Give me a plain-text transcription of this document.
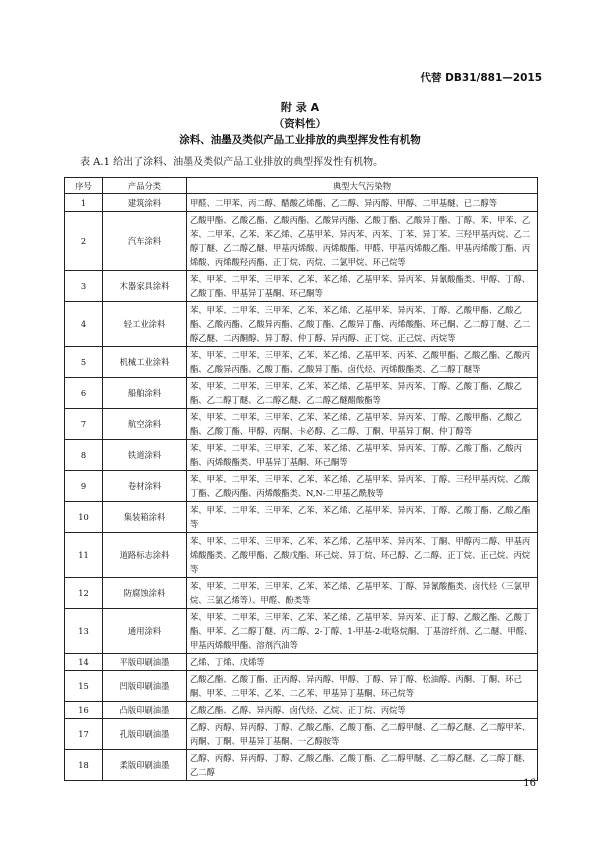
代替 DB31/881—2015
附 录 A
（资料性）
涂料、油墨及类似产品工业排放的典型挥发性有机物
表 A.1 给出了涂料、油墨及类似产品工业排放的典型挥发性有机物。
序号	产品分类	典型大气污染物
1	建筑涂料	甲醛、二甲苯、丙二醇、醋酸乙烯酯、乙二醇、异丙醇、甲醇、二甲基醚、已二醇等
2	汽车涂料	乙酸甲酯、乙酸乙酯、乙酸丙酯、乙酸异丙酯、乙酸丁酯、乙酸异丁酯、丁醇、苯、甲苯、乙苯、二甲苯、乙苯、苯乙烯、乙基甲苯、异丙苯、丙苯、丁苯、异丁苯、三羟甲基丙烷、乙二醇丁醚、乙二醇乙醚、甲基丙烯酸、丙烯酸酯、甲醛、甲基丙烯酸乙酯、甲基丙烯酸丁酯、丙烯酸、丙烯酸羟丙酯、正丁烷、丙烷、二氯甲烷、环己烷等
3	木器家具涂料	苯、甲苯、二甲苯、三甲苯、乙苯、苯乙烯、乙基甲苯、异丙苯、异氰酸酯类、甲醇、丁醇、乙酸丁酯、甲基异丁基酮、环己酮等
4	轻工业涂料	苯、甲苯、二甲苯、三甲苯、乙苯、苯乙烯、乙基甲苯、异丙苯、丁醇、乙酸甲酯、乙酸乙酯、乙酸丙酯、乙酸异丙酯、乙酸丁酯、乙酸异丁酯、丙烯酸酯、环己酮、乙二醇丁醚、乙二醇乙醚、二丙酮醇、异丁醇、仲丁醇、异丙醇、正丁烷、正己烷、丙烷等
5	机械工业涂料	苯、甲苯、二甲苯、三甲苯、乙苯、苯乙烯、乙基甲苯、丙苯、乙酸甲酯、乙酸乙酯、乙酸丙酯、乙酸异丙酯、乙酸丁酯、乙酸异丁酯、卤代烃、丙烯酸酯类、乙二醇丁醚等
6	船舶涂料	苯、甲苯、二甲苯、三甲苯、乙苯、苯乙烯、乙基甲苯、异丙苯、丁醇、乙酸丁酯、乙酸乙酯、乙二醇丁醚、乙二醇乙醚、乙二醇乙醚醋酸酯等
7	航空涂料	苯、甲苯、二甲苯、三甲苯、乙苯、苯乙烯、乙基甲苯、异丙苯、丁醇、乙酸甲酯、乙酸乙酯、乙酸丁酯、甲醇、丙酮、卡必醇、乙二醇、丁酮、甲基异丁酮、仲丁醇等
8	铁道涂料	苯、甲苯、二甲苯、三甲苯、乙苯、苯乙烯、乙基甲苯、异丙苯、丁醇、乙酸丁酯、乙酸丙酯、丙烯酸酯类、甲基异丁基酮、环己酮等
9	卷材涂料	苯、甲苯、二甲苯、三甲苯、乙苯、苯乙烯、乙基甲苯、异丙苯、丁醇、三羟甲基丙烷、乙酸丁酯、乙酸丙酯、丙烯酸酯类、N,N-二甲基乙酰胺等
10	集装箱涂料	苯、甲苯、二甲苯、三甲苯、乙苯、苯乙烯、乙基甲苯、异丙苯、丁醇、乙酸丁酯、乙酸乙酯等
11	道路标志涂料	苯、甲苯、二甲苯、三甲苯、乙苯、苯乙烯、乙基甲苯、异丙苯、丁酮、甲醇丙二醇、甲基丙烯酸酯类、乙酸甲酯、乙酸戊酯、环己烷、异丁烷、环己醇、乙二醇、正丁烷、正己烷、丙烷等
12	防腐蚀涂料	苯、甲苯、二甲苯、三甲苯、乙苯、苯乙烯、乙基甲苯、丁醇、异氰酸酯类、卤代烃（三氯甲烷、三氯乙烯等）、甲醛、酚类等
13	通用涂料	苯、甲苯、二甲苯、三甲苯、乙苯、苯乙烯、乙基甲苯、异丙苯、正丁醇、乙酸乙酯、乙酸丁酯、甲苯、乙二醇丁醚、丙二醇、2-丁醇、1-甲基-2-吡咯烷酮、丁基溶纤剂、乙二醚、甲醛、甲基丙烯酸甲酯、溶剂汽油等
14	平版印刷油墨	乙烯、丁烯、戊烯等
15	凹版印刷油墨	乙酸乙酯、乙酸丁酯、正丙醇、异丙醇、甲醇、丁醇、异丁醇、松油醇、丙酮、丁酮、环己酮、甲苯、二甲苯、乙苯、二乙苯、甲基异丁基酮、环己烷等
16	凸版印刷油墨	乙酸乙酯、乙醇、异丙醇、卤代烃、乙烷、正丁烷、丙烷等
17	孔版印刷油墨	乙醇、丙醇、异丙醇、丁醇、乙酸乙酯、乙酸丁酯、乙二醇甲醚、乙二醇乙醚、乙二醇甲苯、丙酮、丁酮、甲基异丁基酮、一乙醇胺等
18	柔版印刷油墨	乙醇、丙醇、异丙醇、丁醇、乙酸乙酯、乙酸丁酯、乙二醇甲醚、乙二醇乙醚、乙二醇丁醚、乙二醇
16
